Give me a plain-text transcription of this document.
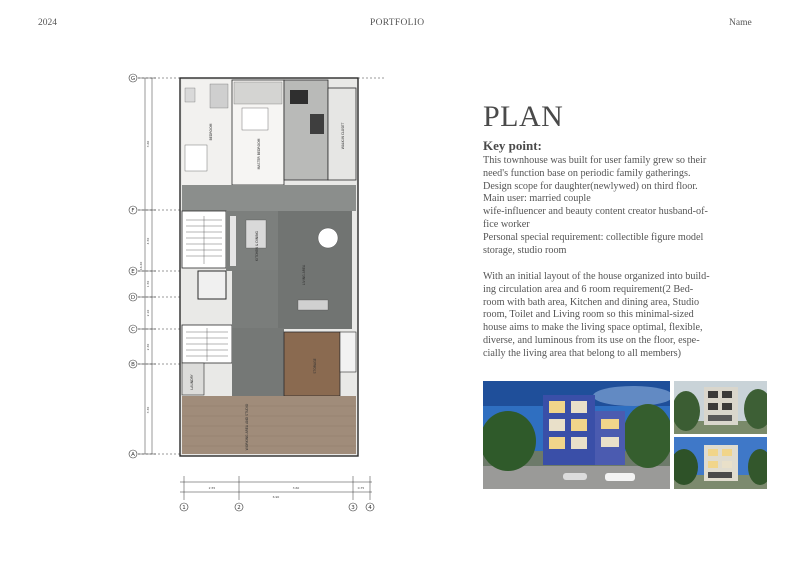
2024	PORTFOLIO	Name
G
F
E
D
C
B
A
3.60
4.50
1.50
2.10
2.30
3.30
16.40
BEDROOM
MASTER BEDROOM
WALK-IN CLOSET
KITCHEN & DINING
LIVING AREA
STORAGE
LAUNDRY
WORKING AREA AND STUDIO
2.55	3.60	0.75
6.90
1	2	3 4
PLAN
Key point:
This townhouse was built for user family grew so their
need's function base on periodic family gatherings.
Design scope for daughter(newlywed) on third floor.
Main user: married couple
wife-influencer and beauty content creator husband-of-
fice worker
Personal special requirement: collectible figure model
storage, studio room
With an initial layout of the house organized into build-
ing circulation area and 6 room requirement(2 Bed-
room with bath area, Kitchen and dining area, Studio
room, Toilet and Living room so this minimal-sized
house aims to make the living space optimal, flexible,
diverse, and luminous from its use on the floor, espe-
cially the living area that belong to all members)
